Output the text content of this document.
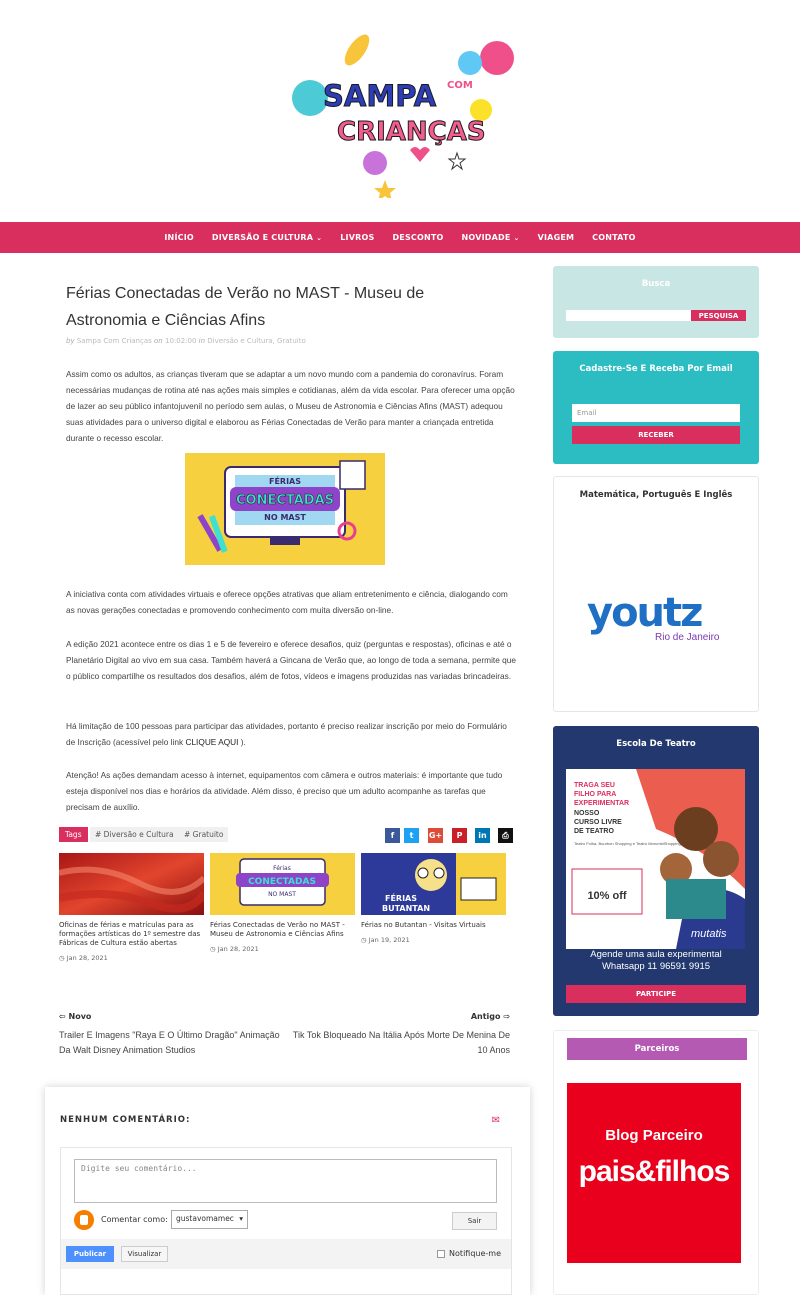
SAMPA COM
CRIANÇAS
INÍCIO DIVERSÃO E CULTURA ⌄ LIVROS DESCONTO NOVIDADE ⌄ VIAGEM CONTATO
Férias Conectadas de Verão no MAST - Museu de Astronomia e Ciências Afins
by Sampa Com Crianças on 10:02:00 in Diversão e Cultura, Gratuito

Assim como os adultos, as crianças tiveram que se adaptar a um novo mundo com a pandemia do coronavírus. Foram necessárias mudanças de rotina até nas ações mais simples e cotidianas, além da vida escolar. Para oferecer uma opção de lazer ao seu público infantojuvenil no período sem aulas, o Museu de Astronomia e Ciências Afins (MAST) adequou suas atividades para o universo digital e elaborou as Férias Conectadas de Verão para manter a criançada entretida durante o recesso escolar.

FÉRIAS
CONECTADAS
NO MAST

A iniciativa conta com atividades virtuais e oferece opções atrativas que aliam entretenimento e ciência, dialogando com as novas gerações conectadas e promovendo conhecimento com muita diversão on-line.

A edição 2021 acontece entre os dias 1 e 5 de fevereiro e oferece desafios, quiz (perguntas e respostas), oficinas e até o Planetário Digital ao vivo em sua casa. Também haverá a Gincana de Verão que, ao longo de toda a semana, permite que o público compartilhe os resultados dos desafios, além de fotos, vídeos e imagens produzidas nas variadas brincadeiras.

Há limitação de 100 pessoas para participar das atividades, portanto é preciso realizar inscrição por meio do Formulário de Inscrição (acessível pelo link CLIQUE AQUI ).

Atenção! As ações demandam acesso à internet, equipamentos com câmera e outros materiais: é importante que tudo esteja disponível nos dias e horários da atividade. Além disso, é preciso que um adulto acompanhe as tarefas que precisam de auxílio.

Tags	# Diversão e Cultura	# Gratuito	f	t	G+	P	in	⎙
Oficinas de férias e matrículas para as formações artísticas do 1º semestre das Fábricas de Cultura estão abertas
◷ Jan 28, 2021
Férias
CONECTADAS
NO MAST
Férias Conectadas de Verão no MAST - Museu de Astronomia e Ciências Afins
◷ Jan 28, 2021
FÉRIAS
BUTANTAN
Férias no Butantan - Visitas Virtuais
◷ Jan 19, 2021
⇦ Novo
Trailer E Imagens "Raya E O Último Dragão" Animação Da Walt Disney Animation Studios
Antigo ⇨
Tik Tok Bloqueado Na Itália Após Morte De Menina De 10 Anos
NENHUM COMENTÁRIO:	✉
Digite seu comentário...
Comentar como:	gustavomamec ▾	Sair
Publicar	Visualizar	Notifique-me
Busca
PESQUISA
Cadastre-Se E Receba Por Email
Email
RECEBER
Matemática, Português E Inglês
youtz
Rio de Janeiro
Escola De Teatro
TRAGA SEU
FILHO PARA
EXPERIMENTAR
NOSSO
CURSO LIVRE
DE TEATRO
Teatro Folha, Bourbon Shopping e Teatro MorumbiShopping
10% off
mutatis
Agende uma aula experimental
Whatsapp 11 96591 9915
PARTICIPE
Parceiros
Blog Parceiro
pais&filhos
